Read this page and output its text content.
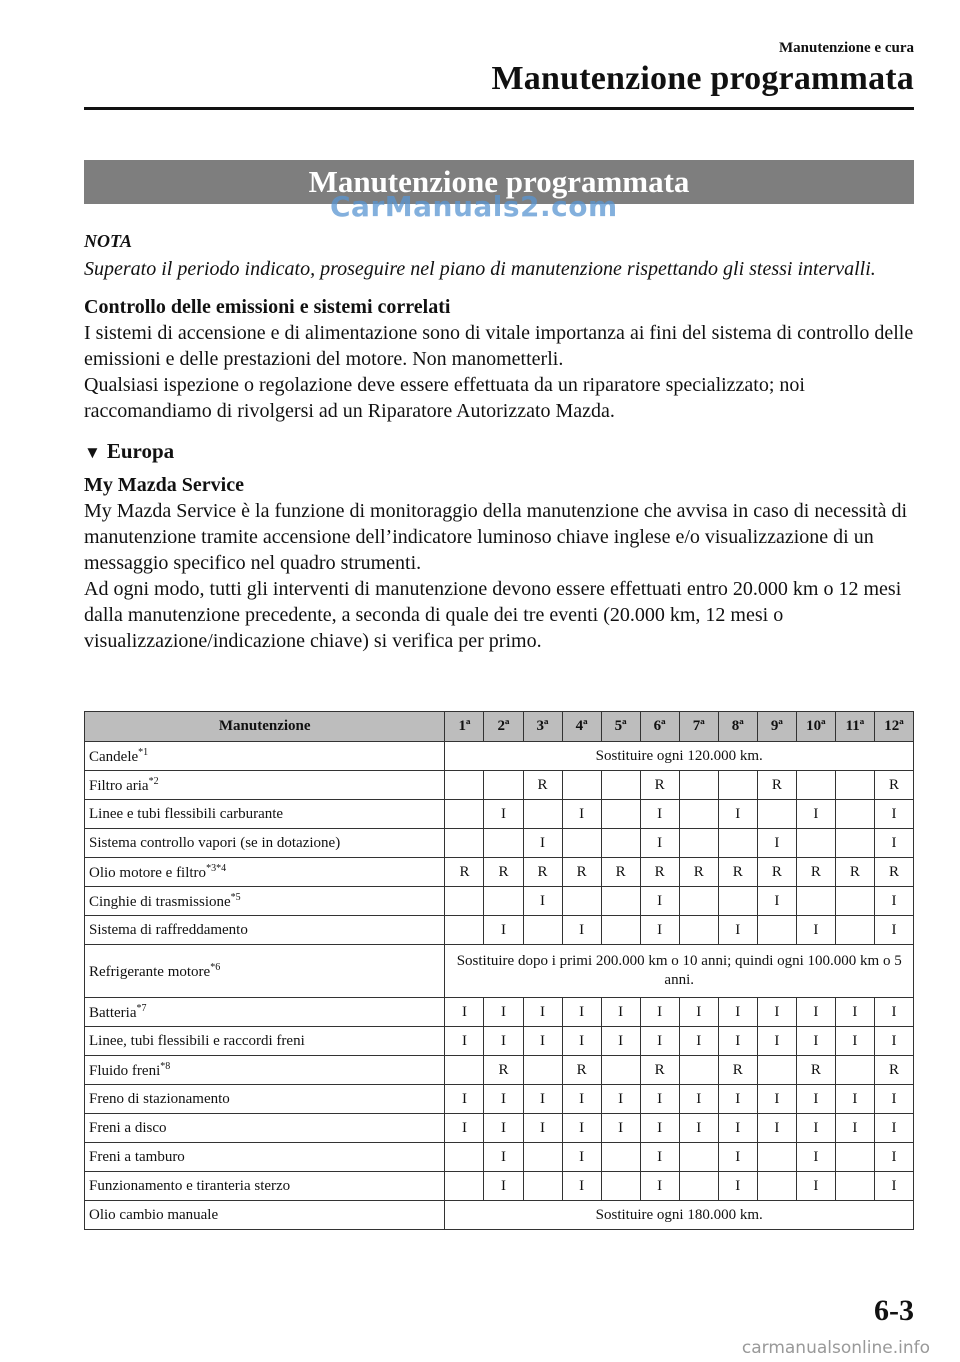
Manutenzione e cura
Manutenzione programmata
Manutenzione programmata
CarManuals2.com
NOTA
Superato il periodo indicato, proseguire nel piano di manutenzione rispettando gli stessi intervalli.
Controllo delle emissioni e sistemi correlati

I sistemi di accensione e di alimentazione sono di vitale importanza ai fini del sistema di controllo delle emissioni e delle prestazioni del motore. Non manometterli.

Qualsiasi ispezione o regolazione deve essere effettuata da un riparatore specializzato; noi raccomandiamo di rivolgersi ad un Riparatore Autorizzato Mazda.

▼ Europa
My Mazda Service

My Mazda Service è la funzione di monitoraggio della manutenzione che avvisa in caso di necessità di manutenzione tramite accensione dell’indicatore luminoso chiave inglese e/o visualizzazione di un messaggio specifico nel quadro strumenti.

Ad ogni modo, tutti gli interventi di manutenzione devono essere effettuati entro 20.000 km o 12 mesi dalla manutenzione precedente, a seconda di quale dei tre eventi (20.000 km, 12 mesi o visualizzazione/indicazione chiave) si verifica per primo.

Manutenzione	1ª	2ª	3ª	4ª	5ª	6ª	7ª	8ª	9ª	10ª	11ª	12ª
Candele$^{*1}$	Sostituire ogni 120.000 km.											
Filtro aria$^{*2}$			R			R			R			R
Linee e tubi flessibili carburante		I		I		I		I		I		I
Sistema controllo vapori (se in dotazione)			I			I			I			I
Olio motore e filtro$^{*3*4}$	R	R	R	R	R	R	R	R	R	R	R	R
Cinghie di trasmissione$^{*5}$			I			I			I			I
Sistema di raffreddamento		I		I		I		I		I		I
Refrigerante motore$^{*6}$	Sostituire dopo i primi 200.000 km o 10 anni; quindi ogni 100.000 km o 5 anni.											
Batteria$^{*7}$	I	I	I	I	I	I	I	I	I	I	I	I
Linee, tubi flessibili e raccordi freni	I	I	I	I	I	I	I	I	I	I	I	I
Fluido freni$^{*8}$		R		R		R		R		R		R
Freno di stazionamento	I	I	I	I	I	I	I	I	I	I	I	I
Freni a disco	I	I	I	I	I	I	I	I	I	I	I	I
Freni a tamburo		I		I		I		I		I		I
Funzionamento e tiranteria sterzo		I		I		I		I		I		I
Olio cambio manuale	Sostituire ogni 180.000 km.											
6-3
carmanualsonline.info
